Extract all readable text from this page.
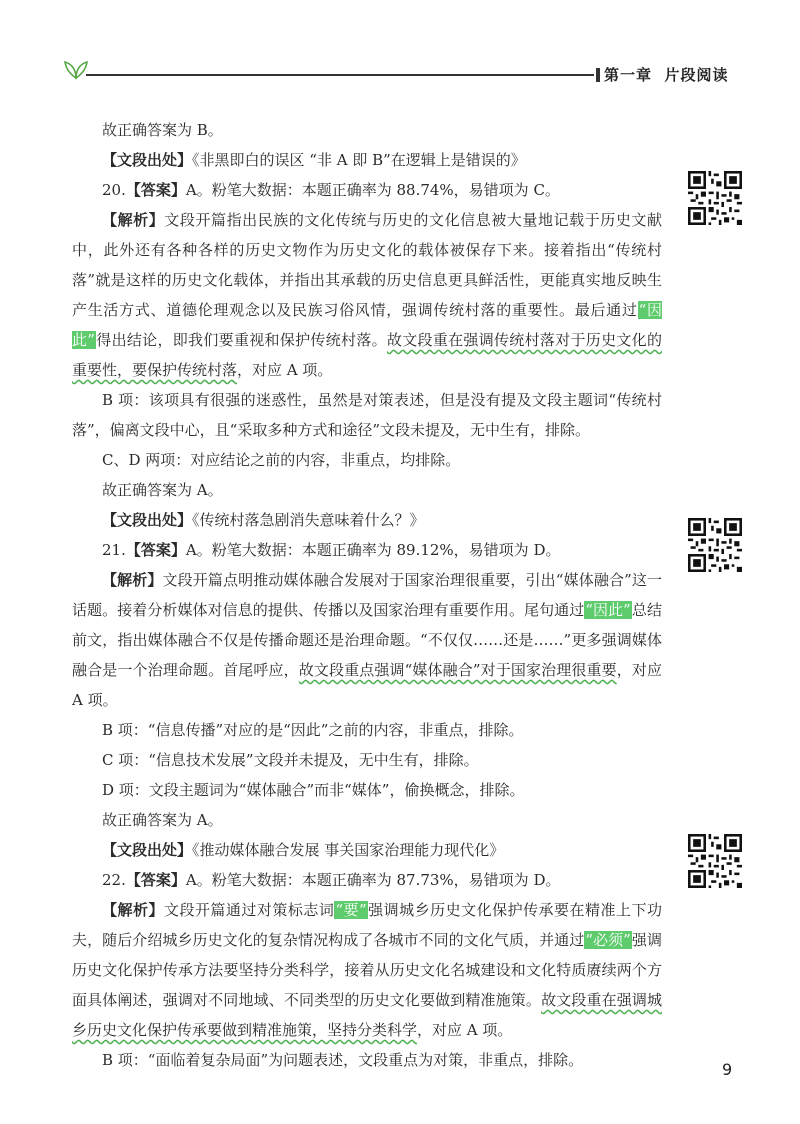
第一章 片段阅读

故正确答案为 B。

【文段出处】《非黑即白的误区 “非 A 即 B”在逻辑上是错误的》

20.【答案】A。粉笔大数据：本题正确率为 88.74%，易错项为 C。

【解析】文段开篇指出民族的文化传统与历史的文化信息被大量地记载于历史文献中，此外还有各种各样的历史文物作为历史文化的载体被保存下来。接着指出“传统村落”就是这样的历史文化载体，并指出其承载的历史信息更具鲜活性，更能真实地反映生产生活方式、道德伦理观念以及民族习俗风情，强调传统村落的重要性。最后通过“因此”得出结论，即我们要重视和保护传统村落。故文段重在强调传统村落对于历史文化的重要性，要保护传统村落，对应 A 项。

B 项：该项具有很强的迷惑性，虽然是对策表述，但是没有提及文段主题词“传统村落”，偏离文段中心，且“采取多种方式和途径”文段未提及，无中生有，排除。

C、D 两项：对应结论之前的内容，非重点，均排除。

故正确答案为 A。

【文段出处】《传统村落急剧消失意味着什么？》

21.【答案】A。粉笔大数据：本题正确率为 89.12%，易错项为 D。

【解析】文段开篇点明推动媒体融合发展对于国家治理很重要，引出“媒体融合”这一话题。接着分析媒体对信息的提供、传播以及国家治理有重要作用。尾句通过“因此”总结前文，指出媒体融合不仅是传播命题还是治理命题。“不仅仅……还是……”更多强调媒体融合是一个治理命题。首尾呼应，故文段重点强调“媒体融合”对于国家治理很重要，对应 A 项。

B 项：“信息传播”对应的是“因此”之前的内容，非重点，排除。

C 项：“信息技术发展”文段并未提及，无中生有，排除。

D 项：文段主题词为“媒体融合”而非“媒体”，偷换概念，排除。

故正确答案为 A。

【文段出处】《推动媒体融合发展 事关国家治理能力现代化》

22.【答案】A。粉笔大数据：本题正确率为 87.73%，易错项为 D。

【解析】文段开篇通过对策标志词“要”强调城乡历史文化保护传承要在精准上下功夫，随后介绍城乡历史文化的复杂情况构成了各城市不同的文化气质，并通过“必须”强调历史文化保护传承方法要坚持分类科学，接着从历史文化名城建设和文化特质赓续两个方面具体阐述，强调对不同地域、不同类型的历史文化要做到精准施策。故文段重在强调城乡历史文化保护传承要做到精准施策，坚持分类科学，对应 A 项。

B 项：“面临着复杂局面”为问题表述，文段重点为对策，非重点，排除。	9
